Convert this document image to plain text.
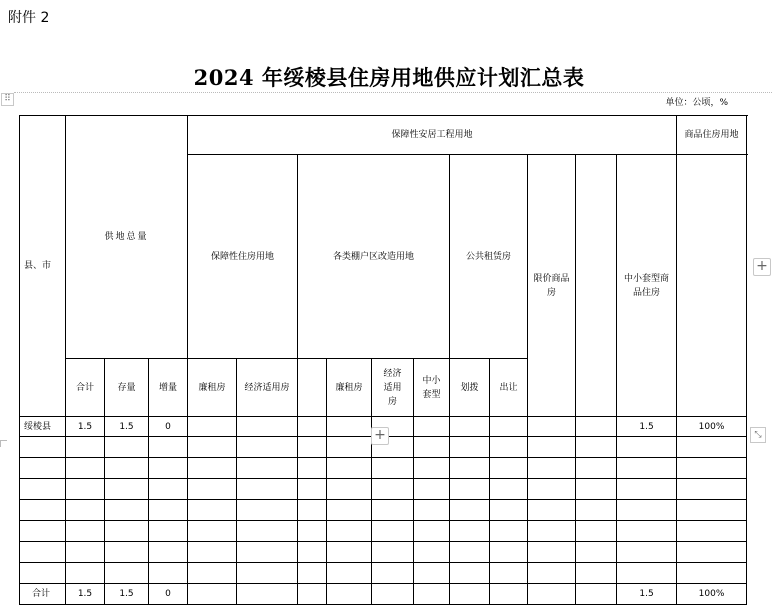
附件 2
⠿
2024 年绥棱县住房用地供应计划汇总表
单位：公顷，%
县、市	供地总量			保障性安居工程用地											商品住房用地	
				保障性住房用地		各类棚户区改造用地				公共租赁房		限价商品房		中小套型商品住房		
	合计	存量	增量	廉租房	经济适用房		廉租房	经济适用房	中小套型	划拨	出让					
绥棱县	1.5	1.5	0											1.5	100%	

合计	1.5	1.5	0											1.5	100%	
+
+	⤡
